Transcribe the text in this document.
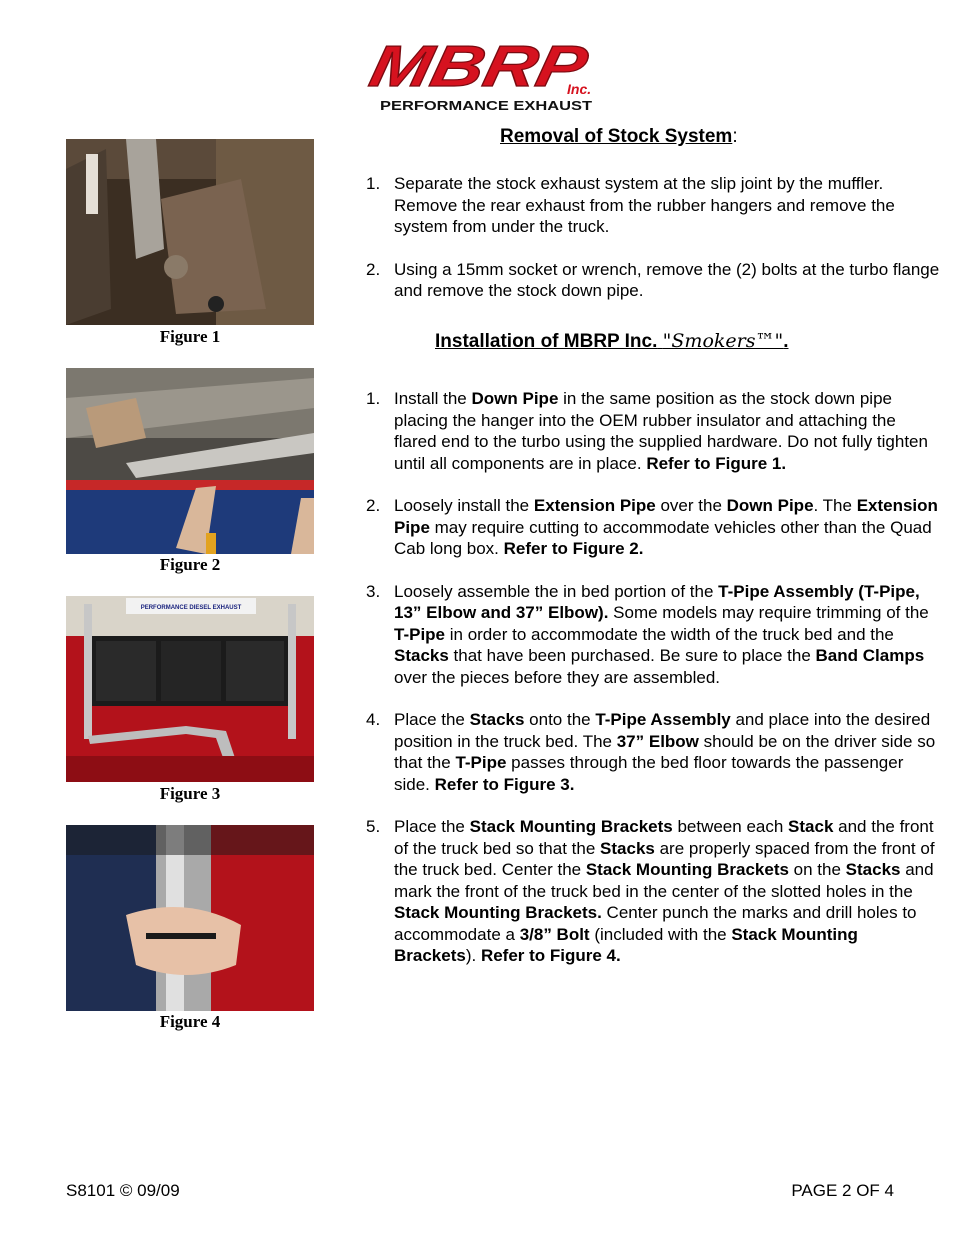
MBRP	Inc.
PERFORMANCE EXHAUST
Figure 1
Figure 2
PERFORMANCE DIESEL EXHAUST
Figure 3
Figure 4
Removal of Stock System:
1. Separate the stock exhaust system at the slip joint by the muffler. Remove the rear exhaust from the rubber hangers and remove the system from under the truck.
2. Using a 15mm socket or wrench, remove the (2) bolts at the turbo flange and remove the stock down pipe.
Installation of MBRP Inc. "Smokers™".
1. Install the Down Pipe in the same position as the stock down pipe placing the hanger into the OEM rubber insulator and attaching the flared end to the turbo using the supplied hardware. Do not fully tighten until all components are in place. Refer to Figure 1.
2. Loosely install the Extension Pipe over the Down Pipe. The Extension Pipe may require cutting to accommodate vehicles other than the Quad Cab long box. Refer to Figure 2.
3. Loosely assemble the in bed portion of the T-Pipe Assembly (T-Pipe, 13” Elbow and 37” Elbow). Some models may require trimming of the T-Pipe in order to accommodate the width of the truck bed and the Stacks that have been purchased. Be sure to place the Band Clamps over the pieces before they are assembled.
4. Place the Stacks onto the T-Pipe Assembly and place into the desired position in the truck bed. The 37” Elbow should be on the driver side so that the T-Pipe passes through the bed floor towards the passenger side. Refer to Figure 3.
5. Place the Stack Mounting Brackets between each Stack and the front of the truck bed so that the Stacks are properly spaced from the front of the truck bed. Center the Stack Mounting Brackets on the Stacks and mark the front of the truck bed in the center of the slotted holes in the Stack Mounting Brackets. Center punch the marks and drill holes to accommodate a 3/8” Bolt (included with the Stack Mounting Brackets). Refer to Figure 4.
S8101 © 09/09	PAGE 2 OF 4
